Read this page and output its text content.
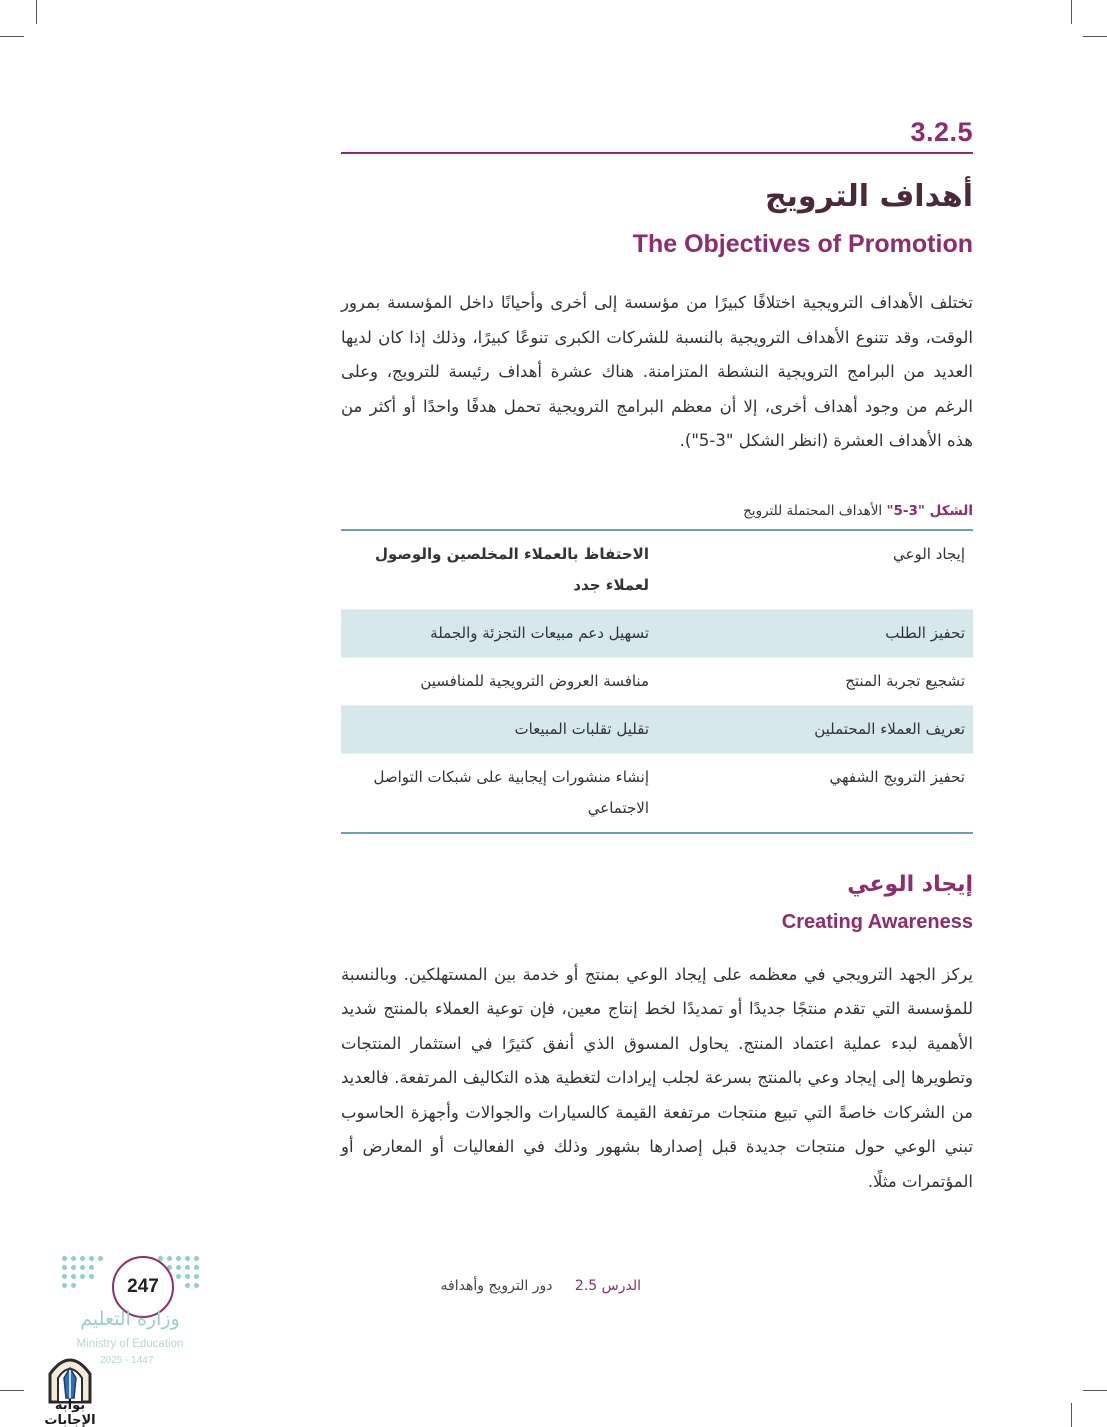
3.2.5
أهداف الترويج
The Objectives of Promotion

تختلف الأهداف الترويجية اختلافًا كبيرًا من مؤسسة إلى أخرى وأحيانًا داخل المؤسسة بمرور الوقت، وقد تتنوع الأهداف الترويجية بالنسبة للشركات الكبرى تنوعًا كبيرًا، وذلك إذا كان لديها العديد من البرامج الترويجية النشطة المتزامنة. هناك عشرة أهداف رئيسة للترويج، وعلى الرغم من وجود أهداف أخرى، إلا أن معظم البرامج الترويجية تحمل هدفًا واحدًا أو أكثر من هذه الأهداف العشرة (انظر الشكل "3-5").

الشكل "3-5" الأهداف المحتملة للترويج
إيجاد الوعي	الاحتفاظ بالعملاء المخلصين والوصول لعملاء جدد
تحفيز الطلب	تسهيل دعم مبيعات التجزئة والجملة
تشجيع تجربة المنتج	منافسة العروض الترويجية للمنافسين
تعريف العملاء المحتملين	تقليل تقلبات المبيعات
تحفيز الترويج الشفهي	إنشاء منشورات إيجابية على شبكات التواصل الاجتماعي
إيجاد الوعي
Creating Awareness

يركز الجهد الترويجي في معظمه على إيجاد الوعي بمنتج أو خدمة بين المستهلكين. وبالنسبة للمؤسسة التي تقدم منتجًا جديدًا أو تمديدًا لخط إنتاج معين، فإن توعية العملاء بالمنتج شديد الأهمية لبدء عملية اعتماد المنتج. يحاول المسوق الذي أنفق كثيرًا في استثمار المنتجات وتطويرها إلى إيجاد وعي بالمنتج بسرعة لجلب إيرادات لتغطية هذه التكاليف المرتفعة. فالعديد من الشركات خاصةً التي تبيع منتجات مرتفعة القيمة كالسيارات والجوالات وأجهزة الحاسوب تبني الوعي حول منتجات جديدة قبل إصدارها بشهور وذلك في الفعاليات أو المعارض أو المؤتمرات مثلًا.

الدرس 2.5 دور الترويج وأهدافه
247
وزارة التعليم
Ministry of Education
2025 - 1447
بوابة الإجابات
